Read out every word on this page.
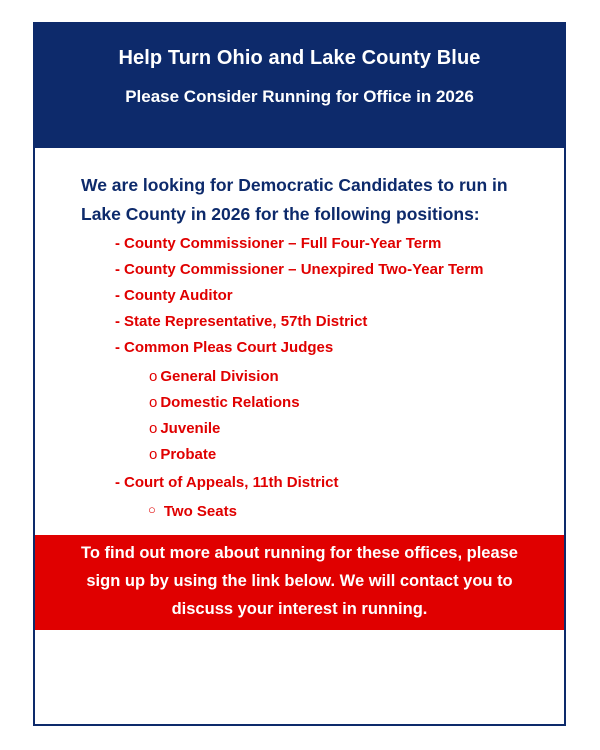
Help Turn Ohio and Lake County Blue
Please Consider Running for Office in 2026
We are looking for Democratic Candidates to run in
Lake County in 2026 for the following positions:
- County Commissioner – Full Four-Year Term
- County Commissioner – Unexpired Two-Year Term
- County Auditor
- State Representative, 57th District
- Common Pleas Court Judges
o General Division
o Domestic Relations
o Juvenile
o Probate
- Court of Appeals, 11th District
○ Two Seats
To find out more about running for these offices, please
sign up by using the link below. We will contact you to
discuss your interest in running.
